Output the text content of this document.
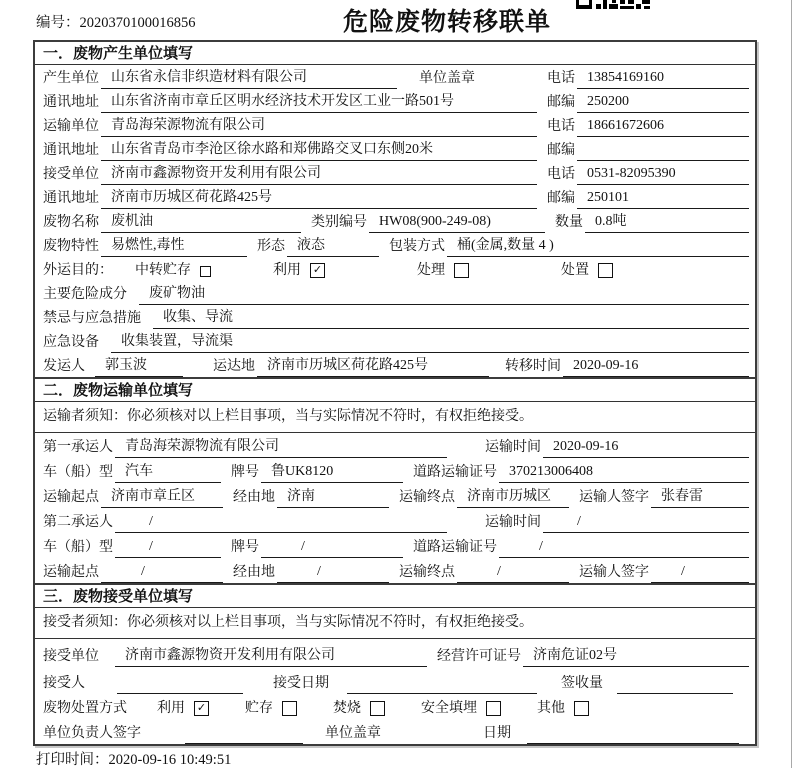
编号：2020370100016856	危险废物转移联单
一．废物产生单位填写
产生单位 山东省永信非织造材料有限公司	单位盖章	电话 13854169160
通讯地址 山东省济南市章丘区明水经济技术开发区工业一路501号	邮编 250200
运输单位 青岛海荣源物流有限公司	电话 18661672606
通讯地址 山东省青岛市李沧区徐水路和郑佛路交叉口东侧20米	邮编
接受单位 济南市鑫源物资开发利用有限公司	电话 0531-82095390
通讯地址 济南市历城区荷花路425号	邮编 250101
废物名称 废机油	类别编号 HW08(900-249-08)	数量 0.8吨
废物特性 易燃性,毒性	形态 液态	包装方式 桶(金属,数量 4 )
外运目的： 中转贮存	利用 ✓	处理	处置
主要危险成分	废矿物油
禁忌与应急措施	收集、导流
应急设备	收集装置，导流渠
发运人	郭玉波	运达地 济南市历城区荷花路425号	转移时间 2020-09-16
二．废物运输单位填写
运输者须知：你必须核对以上栏目事项，当与实际情况不符时，有权拒绝接受。
第一承运人 青岛海荣源物流有限公司	运输时间 2020-09-16
车（船）型 汽车	牌号 鲁UK8120	道路运输证号 370213006408
运输起点 济南市章丘区	经由地 济南	运输终点 济南市历城区	运输人签字 张春雷
第二承运人	/	运输时间	/
车（船）型	/	牌号	/	道路运输证号	/
运输起点	/	经由地	/	运输终点	/	运输人签字	/
三．废物接受单位填写
接受者须知：你必须核对以上栏目事项，当与实际情况不符时，有权拒绝接受。
接受单位	济南市鑫源物资开发利用有限公司	经营许可证号 济南危证02号
接受人	接受日期	签收量
废物处置方式 利用 ✓	贮存	焚烧	安全填埋	其他
单位负责人签字	单位盖章	日期
打印时间：2020-09-16 10:49:51
